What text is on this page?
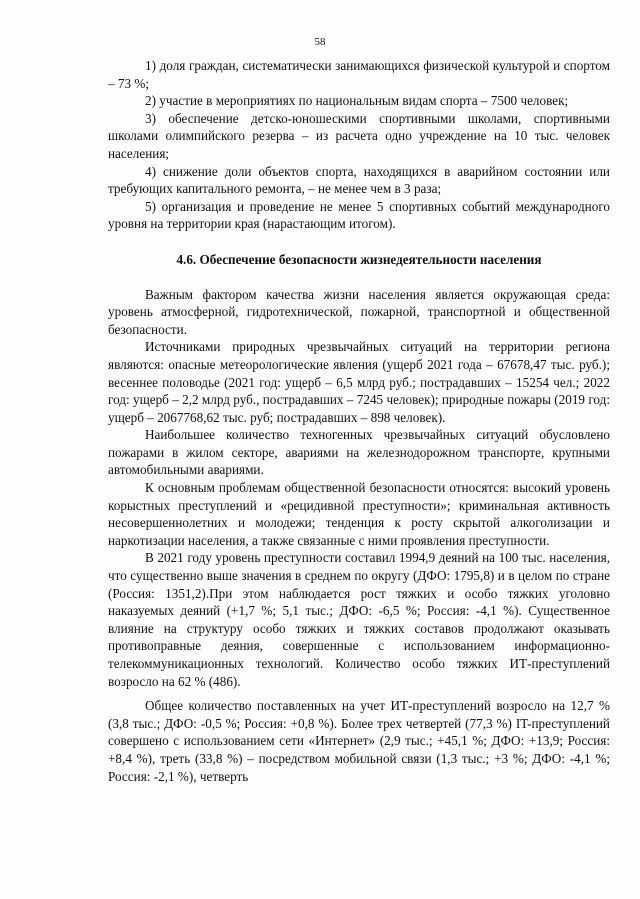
58

1) доля граждан, систематически занимающихся физической культурой и спортом – 73 %;

2) участие в мероприятиях по национальным видам спорта – 7500 человек;

3) обеспечение детско-юношескими спортивными школами, спортивными школами олимпийского резерва – из расчета одно учреждение на 10 тыс. человек населения;

4) снижение доли объектов спорта, находящихся в аварийном состоянии или требующих капитального ремонта, – не менее чем в 3 раза;

5) организация и проведение не менее 5 спортивных событий международного уровня на территории края (нарастающим итогом).

4.6. Обеспечение безопасности жизнедеятельности населения

Важным фактором качества жизни населения является окружающая среда: уровень атмосферной, гидротехнической, пожарной, транспортной и общественной безопасности.

Источниками природных чрезвычайных ситуаций на территории региона являются: опасные метеорологические явления (ущерб 2021 года – 67678,47 тыс. руб.); весеннее половодье (2021 год: ущерб – 6,5 млрд руб.; пострадавших – 15254 чел.; 2022 год: ущерб – 2,2 млрд руб., пострадавших – 7245 человек); природные пожары (2019 год: ущерб – 2067768,62 тыс. руб; пострадавших – 898 человек).

Наибольшее количество техногенных чрезвычайных ситуаций обусловлено пожарами в жилом секторе, авариями на железнодорожном транспорте, крупными автомобильными авариями.

К основным проблемам общественной безопасности относятся: высокий уровень корыстных преступлений и «рецидивной преступности»; криминальная активность несовершеннолетних и молодежи; тенденция к росту скрытой алкоголизации и наркотизации населения, а также связанные с ними проявления преступности.

В 2021 году уровень преступности составил 1994,9 деяний на 100 тыс. населения, что существенно выше значения в среднем по округу (ДФО: 1795,8) и в целом по стране (Россия: 1351,2).При этом наблюдается рост тяжких и особо тяжких уголовно наказуемых деяний (+1,7 %; 5,1 тыс.; ДФО: -6,5 %; Россия: -4,1 %). Существенное влияние на структуру особо тяжких и тяжких составов продолжают оказывать противоправные деяния, совершенные с использованием информационно-телекоммуникационных технологий. Количество особо тяжких ИТ-преступлений возросло на 62 % (486).

Общее количество поставленных на учет ИТ-преступлений возросло на 12,7 % (3,8 тыс.; ДФО: -0,5 %; Россия: +0,8 %). Более трех четвертей (77,3 %) IT-преступлений совершено с использованием сети «Интернет» (2,9 тыс.; +45,1 %; ДФО: +13,9; Россия: +8,4 %), треть (33,8 %) – посредством мобильной связи (1,3 тыс.; +3 %; ДФО: -4,1 %; Россия: -2,1 %), четверть
